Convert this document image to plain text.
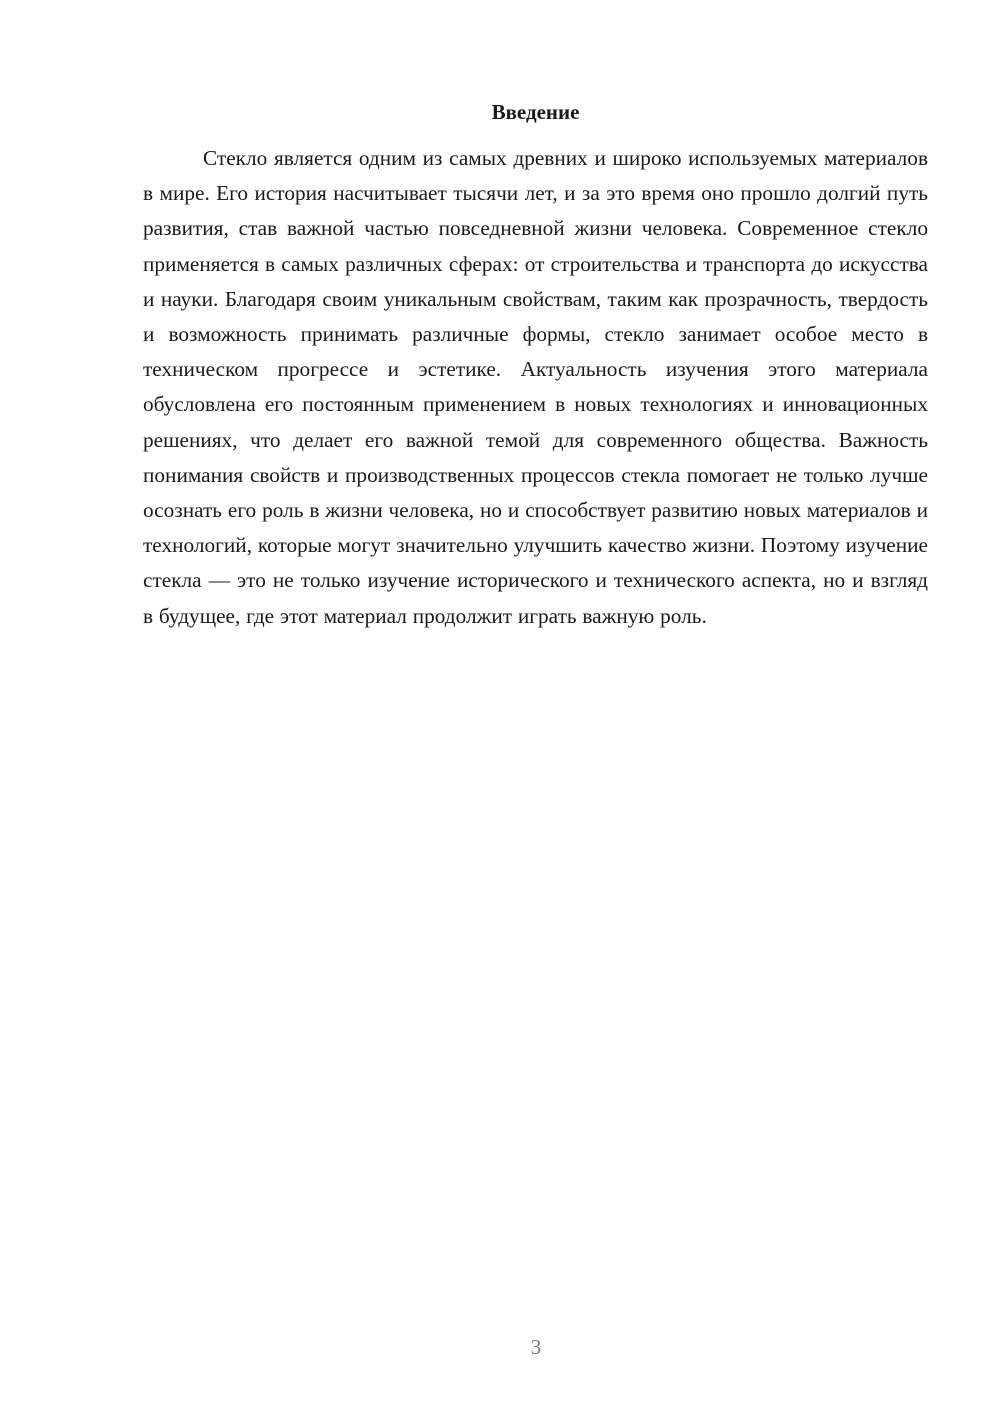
Введение

Стекло является одним из самых древних и широко используемых материалов в мире. Его история насчитывает тысячи лет, и за это время оно прошло долгий путь развития, став важной частью повседневной жизни человека. Современное стекло применяется в самых различных сферах: от строительства и транспорта до искусства и науки. Благодаря своим уникальным свойствам, таким как прозрачность, твердость и возможность принимать различные формы, стекло занимает особое место в техническом прогрессе и эстетике. Актуальность изучения этого материала обусловлена его постоянным применением в новых технологиях и инновационных решениях, что делает его важной темой для современного общества. Важность понимания свойств и производственных процессов стекла помогает не только лучше осознать его роль в жизни человека, но и способствует развитию новых материалов и технологий, которые могут значительно улучшить качество жизни. Поэтому изучение стекла — это не только изучение исторического и технического аспекта, но и взгляд в будущее, где этот материал продолжит играть важную роль.

3
